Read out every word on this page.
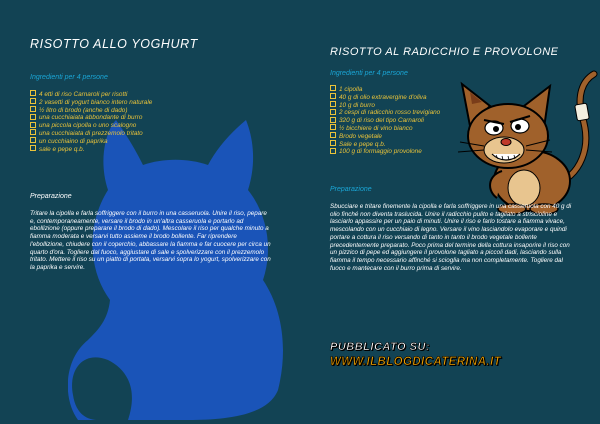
RISOTTO ALLO YOGHURT
Ingredienti per 4 persone
4 etti di riso Carnaroli per risotti
2 vasetti di yogurt bianco intero naturale
½ litro di brodo (anche di dado)
una cucchiaiata abbondante di burro
una piccola cipolla o uno scalogno
una cucchiaiata di prezzemolo tritato
un cucchiaino di paprika
sale e pepe q.b.
Preparazione
Tritare la cipolla e farla soffriggere con il burro in una casseruola. Unire il riso, pepare e, contemporaneamente, versare il brodo in un'altra casseruola e portarlo ad ebollizione (oppure preparare il brodo di dado). Mescolare il riso per qualche minuto a fiamma moderata e versarvi tutto assieme il brodo bollente. Far riprendere l'ebollizione, chiudere con il coperchio, abbassare la fiamma e far cuocere per circa un quarto d'ora. Togliere dal fuoco, aggiustare di sale e spolverizzare con il prezzemolo tritato. Mettere il riso su un piatto di portata, versarvi sopra lo yogurt, spolverizzare con la paprika e servire.
RISOTTO AL RADICCHIO E PROVOLONE
Ingredienti per 4 persone
1 cipolla
40 g di olio extravergine d'oliva
10 g di burro
2 cespi di radicchio rosso trevigiano
320 g di riso del tipo Carnaroli
½ bicchiere di vino bianco
Brodo vegetale
Sale e pepe q.b.
100 g di formaggio provolone
Preparazione
Sbucciare e tritare finemente la cipolla e farla soffriggere in una casseruola con 40 g di olio finché non diventa traslucida. Unire il radicchio pulito e tagliato a striscioline e lasciarlo appassire per un paio di minuti. Unire il riso e farlo tostare a fiamma vivace, mescolando con un cucchiaio di legno. Versare il vino lasciandolo evaporare e quindi portare a cottura il riso versando di tanto in tanto il brodo vegetale bollente precedentemente preparato. Poco prima del termine della cottura insaporire il riso con un pizzico di pepe ed aggiungere il provolone tagliato a piccoli dadi, lasciando sulla fiamma il tempo necessario affinché si scioglia ma non completamente. Togliere dal fuoco e mantecare con il burro prima di servire.
PUBBLICATO SU:
WWW.ILBLOGDICATERINA.IT
